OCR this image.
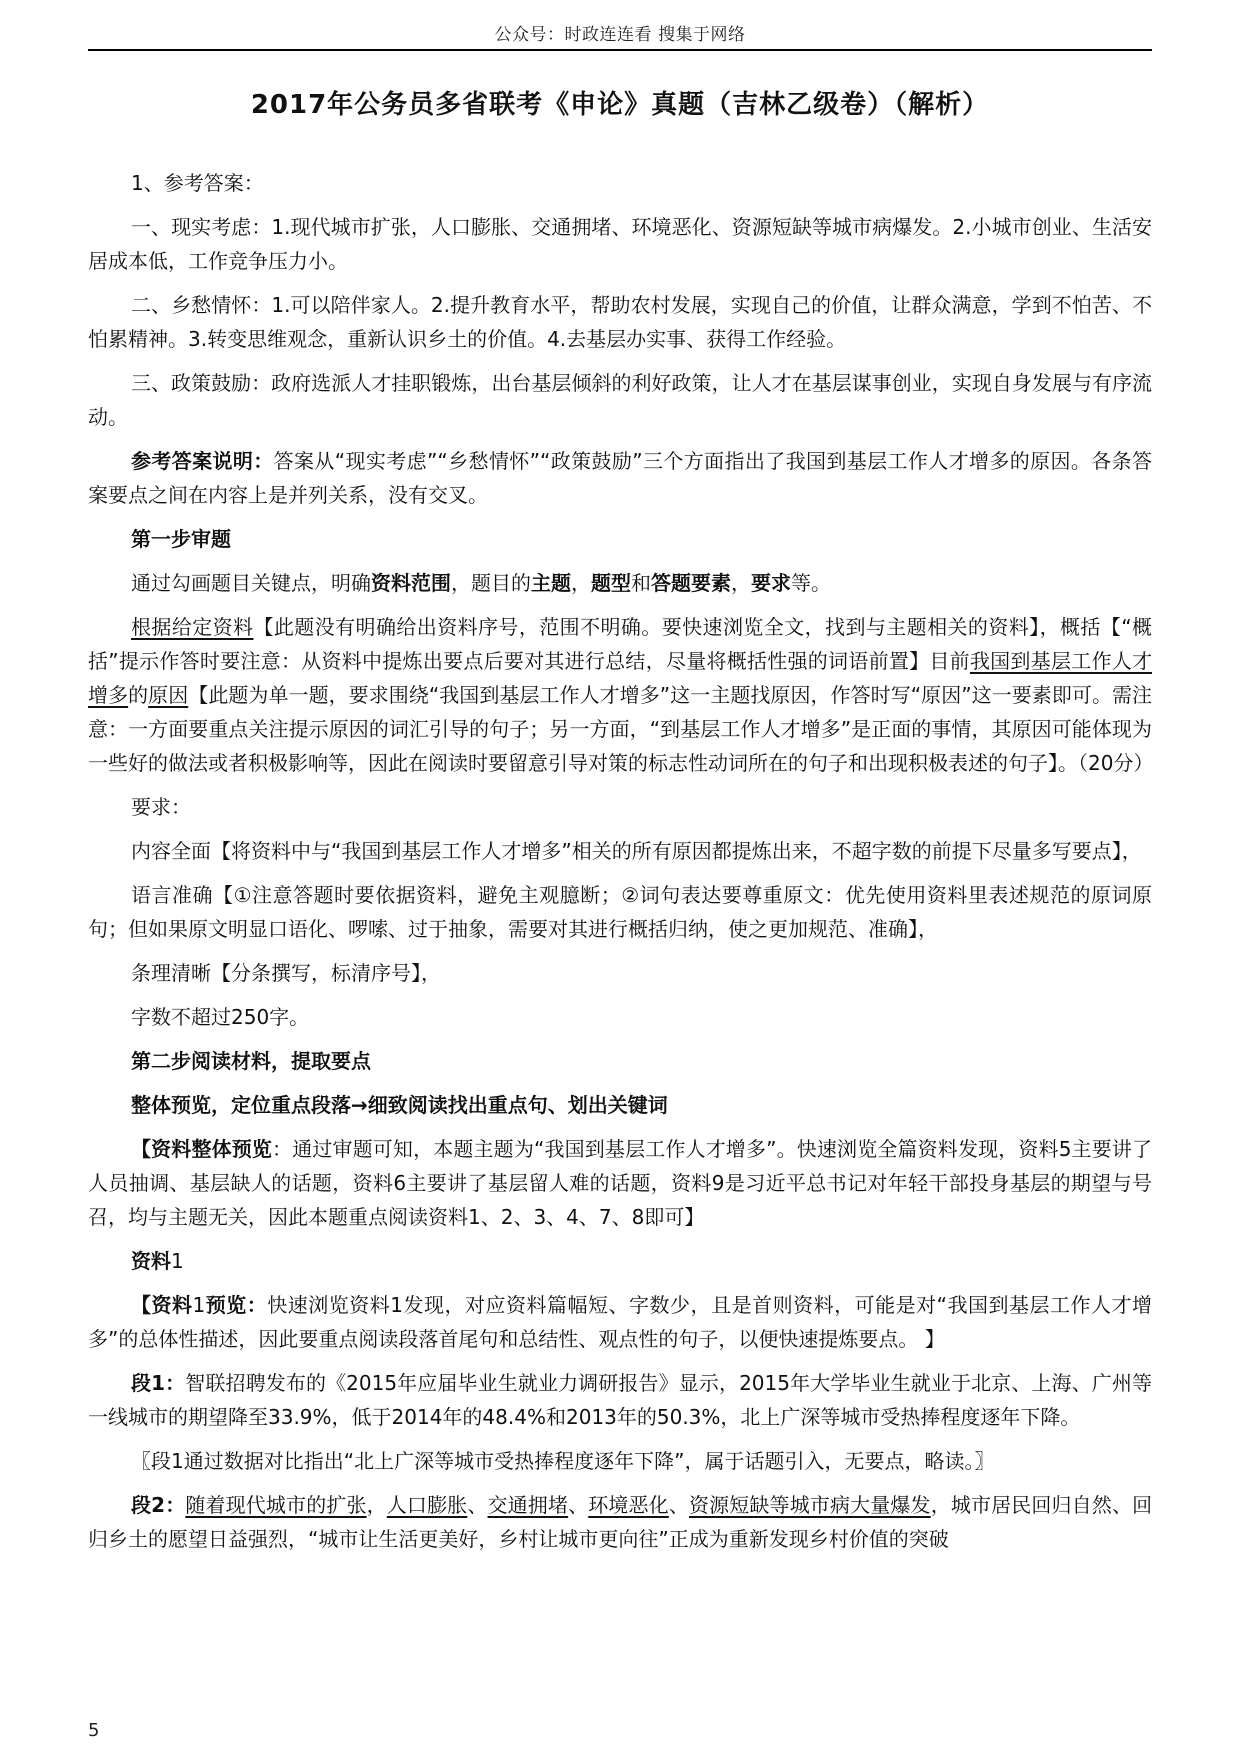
公众号：时政连连看 搜集于网络
2017年公务员多省联考《申论》真题（吉林乙级卷）（解析）

1、参考答案：

一、现实考虑：1.现代城市扩张，人口膨胀、交通拥堵、环境恶化、资源短缺等城市病爆发。2.小城市创业、生活安居成本低，工作竞争压力小。

二、乡愁情怀：1.可以陪伴家人。2.提升教育水平，帮助农村发展，实现自己的价值，让群众满意，学到不怕苦、不怕累精神。3.转变思维观念，重新认识乡土的价值。4.去基层办实事、获得工作经验。

三、政策鼓励：政府选派人才挂职锻炼，出台基层倾斜的利好政策，让人才在基层谋事创业，实现自身发展与有序流动。

参考答案说明：答案从“现实考虑”“乡愁情怀”“政策鼓励”三个方面指出了我国到基层工作人才增多的原因。各条答案要点之间在内容上是并列关系，没有交叉。

第一步审题

通过勾画题目关键点，明确资料范围，题目的主题，题型和答题要素，要求等。

根据给定资料【此题没有明确给出资料序号，范围不明确。要快速浏览全文，找到与主题相关的资料】，概括【“概括”提示作答时要注意：从资料中提炼出要点后要对其进行总结，尽量将概括性强的词语前置】目前我国到基层工作人才增多的原因【此题为单一题，要求围绕“我国到基层工作人才增多”这一主题找原因，作答时写“原因”这一要素即可。需注意：一方面要重点关注提示原因的词汇引导的句子；另一方面，“到基层工作人才增多”是正面的事情，其原因可能体现为一些好的做法或者积极影响等，因此在阅读时要留意引导对策的标志性动词所在的句子和出现积极表述的句子】。（20分）

要求：

内容全面【将资料中与“我国到基层工作人才增多”相关的所有原因都提炼出来，不超字数的前提下尽量多写要点】，

语言准确【①注意答题时要依据资料，避免主观臆断；②词句表达要尊重原文：优先使用资料里表述规范的原词原句；但如果原文明显口语化、啰嗦、过于抽象，需要对其进行概括归纳，使之更加规范、准确】，

条理清晰【分条撰写，标清序号】，

字数不超过250字。

第二步阅读材料，提取要点

整体预览，定位重点段落→细致阅读找出重点句、划出关键词

【资料整体预览：通过审题可知，本题主题为“我国到基层工作人才增多”。快速浏览全篇资料发现，资料5主要讲了人员抽调、基层缺人的话题，资料6主要讲了基层留人难的话题，资料9是习近平总书记对年轻干部投身基层的期望与号召，均与主题无关，因此本题重点阅读资料1、2、3、4、7、8即可】

资料1

【资料1预览：快速浏览资料1发现，对应资料篇幅短、字数少，且是首则资料，可能是对“我国到基层工作人才增多”的总体性描述，因此要重点阅读段落首尾句和总结性、观点性的句子，以便快速提炼要点。 】

段1：智联招聘发布的《2015年应届毕业生就业力调研报告》显示，2015年大学毕业生就业于北京、上海、广州等一线城市的期望降至33.9%，低于2014年的48.4%和2013年的50.3%，北上广深等城市受热捧程度逐年下降。

〖段1通过数据对比指出“北上广深等城市受热捧程度逐年下降”，属于话题引入，无要点，略读。〗

段2：随着现代城市的扩张，人口膨胀、交通拥堵、环境恶化、资源短缺等城市病大量爆发，城市居民回归自然、回归乡土的愿望日益强烈，“城市让生活更美好，乡村让城市更向往”正成为重新发现乡村价值的突破

5
